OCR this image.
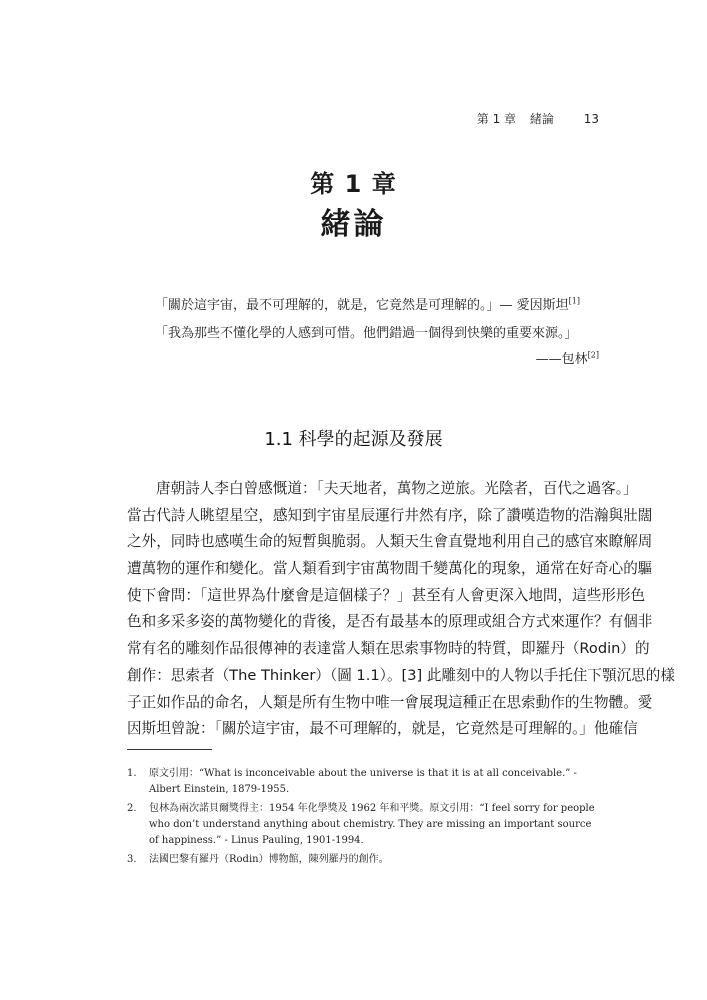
第 1 章 緒論 13
第 1 章
緒論
「關於這宇宙，最不可理解的，就是，它竟然是可理解的。」— 愛因斯坦[1]
「我為那些不懂化學的人感到可惜。他們錯過一個得到快樂的重要來源。」
——包林[2]
1.1 科學的起源及發展
唐朝詩人李白曾感慨道：「夫天地者，萬物之逆旅。光陰者，百代之過客。」
當古代詩人眺望星空，感知到宇宙星辰運行井然有序，除了讚嘆造物的浩瀚與壯闊
之外，同時也感嘆生命的短暫與脆弱。人類天生會直覺地利用自己的感官來瞭解周
遭萬物的運作和變化。當人類看到宇宙萬物間千變萬化的現象，通常在好奇心的驅
使下會問：「這世界為什麼會是這個樣子？」甚至有人會更深入地問，這些形形色
色和多采多姿的萬物變化的背後，是否有最基本的原理或組合方式來運作？有個非
常有名的雕刻作品很傳神的表達當人類在思索事物時的特質，即羅丹（Rodin）的
創作：思索者（The Thinker）（圖 1.1）。[3] 此雕刻中的人物以手托住下顎沉思的樣
子正如作品的命名，人類是所有生物中唯一會展現這種正在思索動作的生物體。愛
因斯坦曾說：「關於這宇宙，最不可理解的，就是，它竟然是可理解的。」他確信
1. 原文引用：“What is inconceivable about the universe is that it is at all conceivable.” - Albert Einstein, 1879-1955.
2. 包林為兩次諾貝爾獎得主：1954 年化學獎及 1962 年和平獎。原文引用：“I feel sorry for people who don’t understand anything about chemistry. They are missing an important source of happiness.” - Linus Pauling, 1901-1994.
3. 法國巴黎有羅丹（Rodin）博物館，陳列羅丹的創作。
